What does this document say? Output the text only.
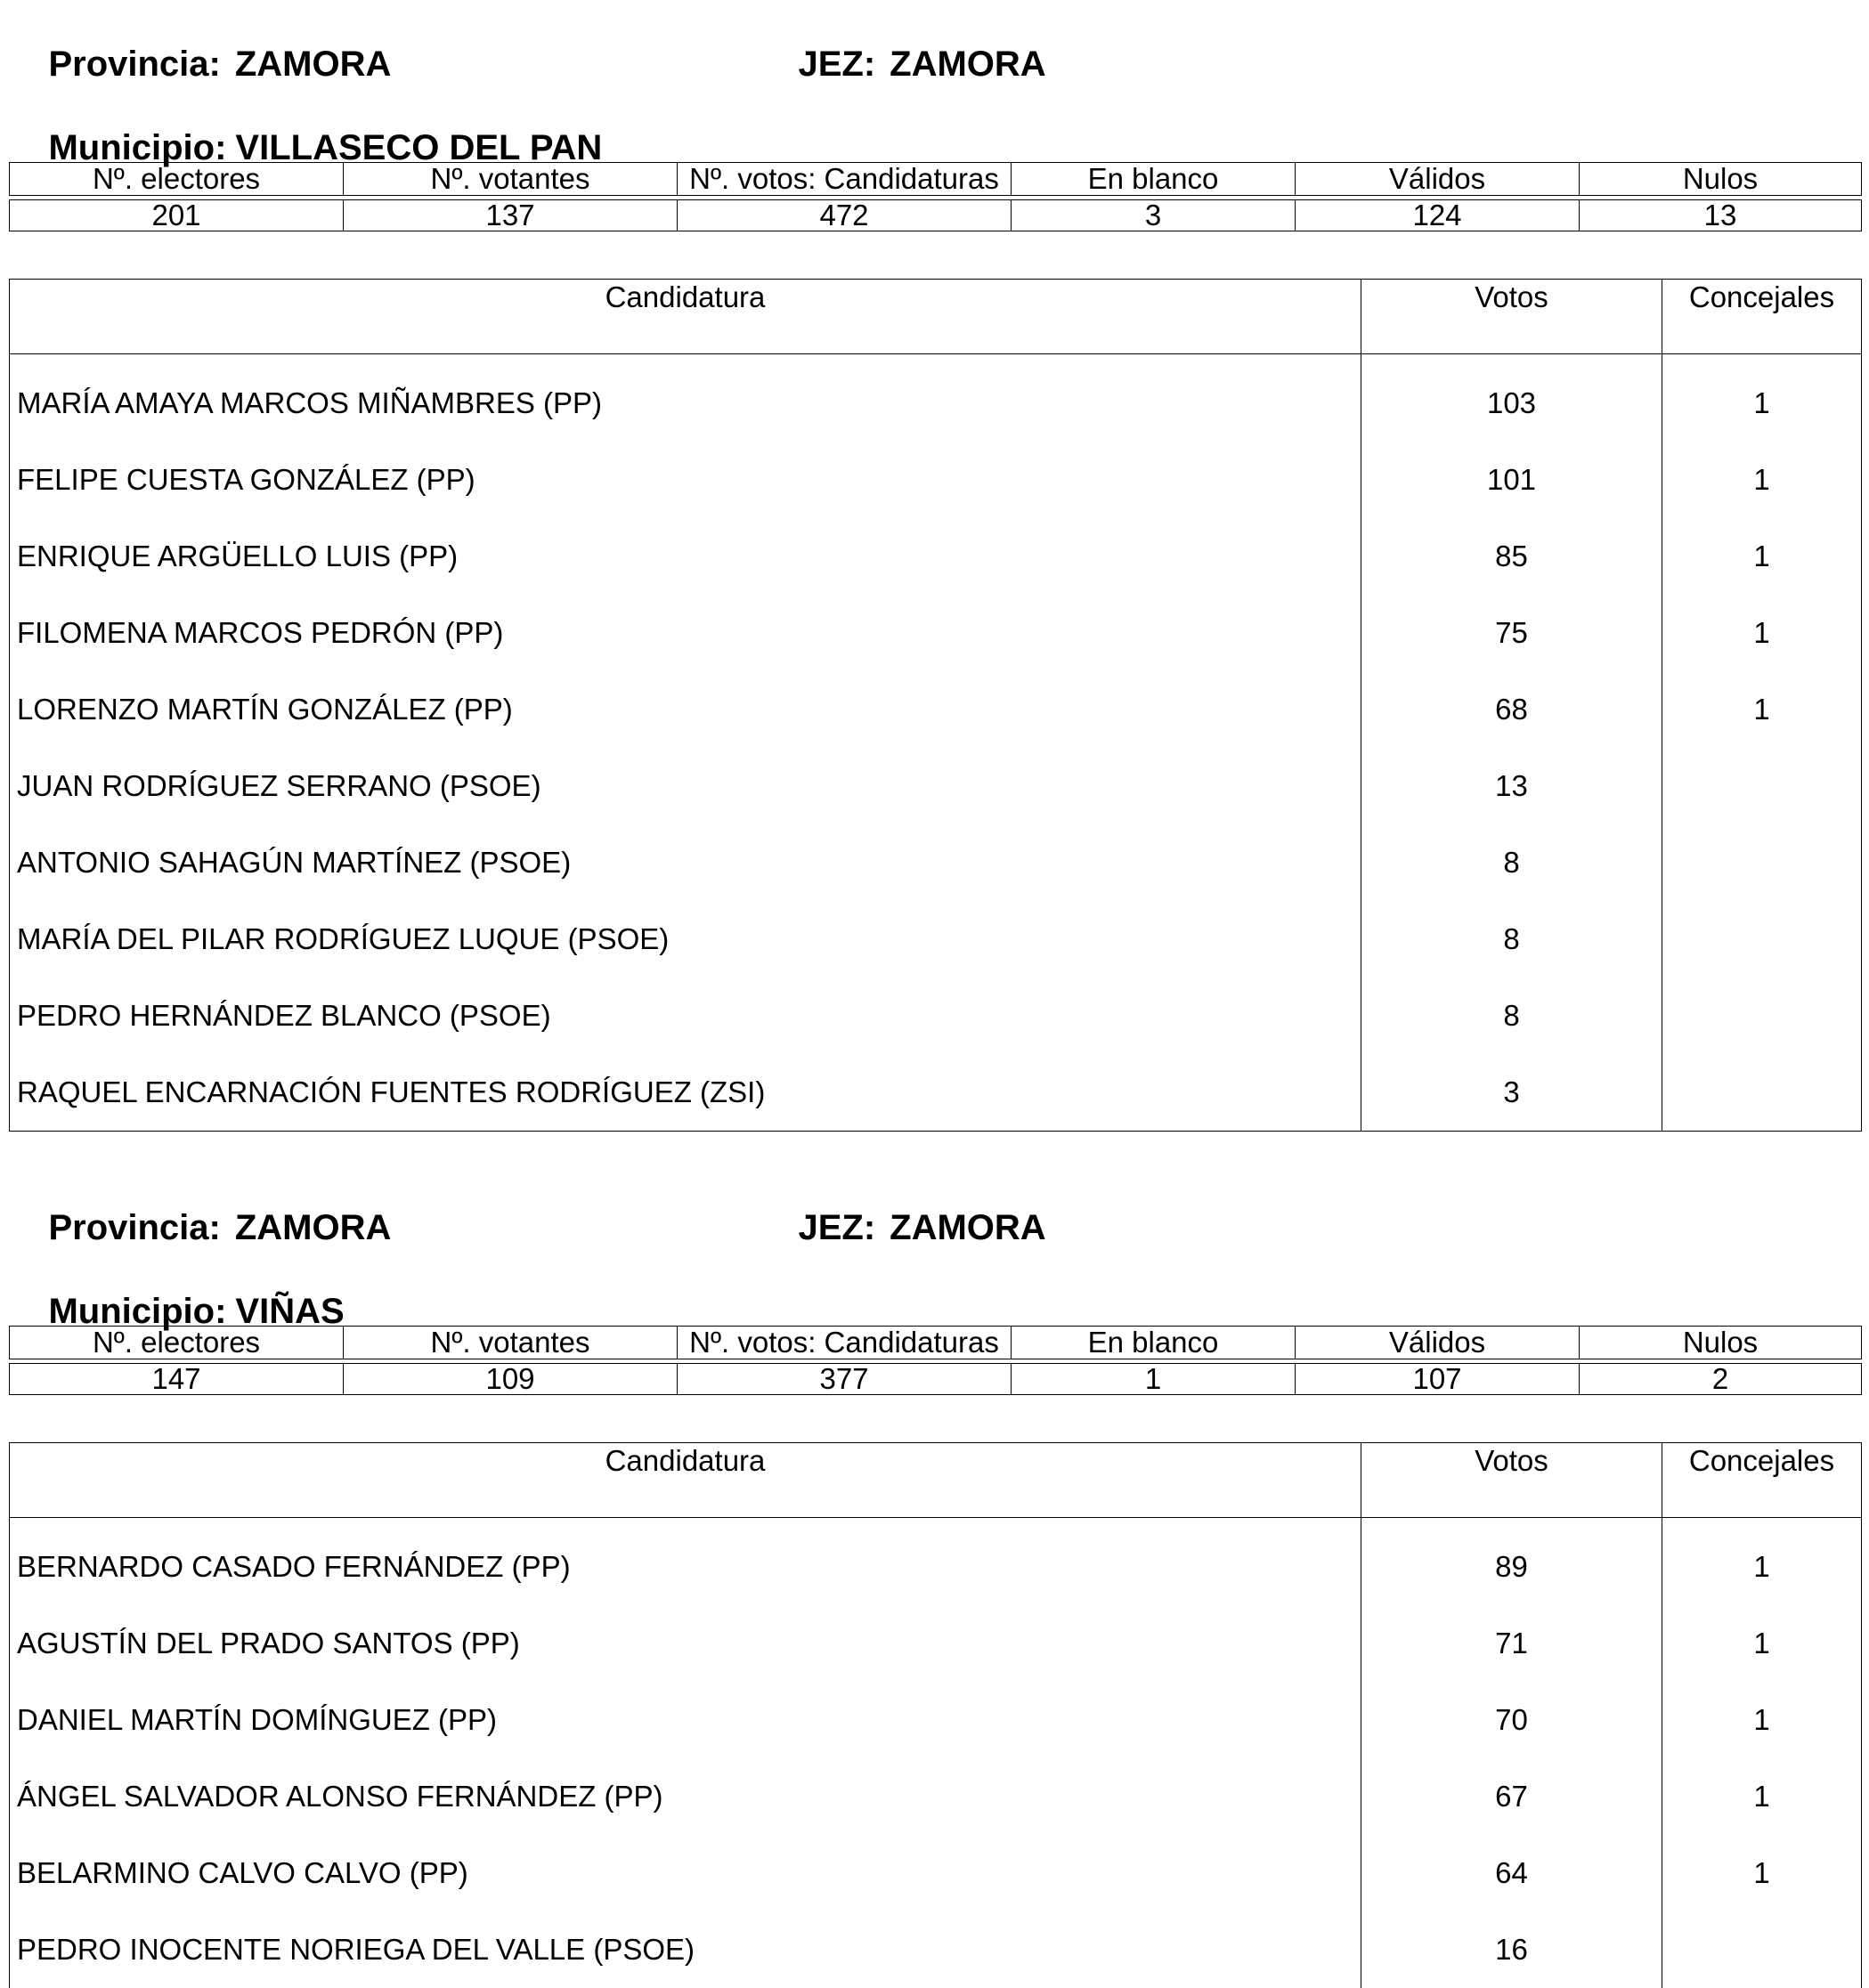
Provincia: ZAMORA
	JEZ: ZAMORA

Municipio: VILLASECO DEL PAN

Nº. electores	Nº. votantes	Nº. votos: Candidaturas	En blanco	Válidos	Nulos

201	137	472	3	124	13
Candidatura	Votos	Concejales
MARÍA AMAYA MARCOS MIÑAMBRES (PP)	103	1
FELIPE CUESTA GONZÁLEZ (PP)	101	1
ENRIQUE ARGÜELLO LUIS (PP)	85	1
FILOMENA MARCOS PEDRÓN (PP)	75	1
LORENZO MARTÍN GONZÁLEZ (PP)	68	1
JUAN RODRÍGUEZ SERRANO (PSOE)	13	
ANTONIO SAHAGÚN MARTÍNEZ (PSOE)	8	
MARÍA DEL PILAR RODRÍGUEZ LUQUE (PSOE)	8	
PEDRO HERNÁNDEZ BLANCO (PSOE)	8	
RAQUEL ENCARNACIÓN FUENTES RODRÍGUEZ (ZSI)	3	

Provincia: ZAMORA
	JEZ: ZAMORA

Municipio: VIÑAS

Nº. electores	Nº. votantes	Nº. votos: Candidaturas	En blanco	Válidos	Nulos

147	109	377	1	107	2
Candidatura	Votos	Concejales
BERNARDO CASADO FERNÁNDEZ (PP)	89	1
AGUSTÍN DEL PRADO SANTOS (PP)	71	1
DANIEL MARTÍN DOMÍNGUEZ (PP)	70	1
ÁNGEL SALVADOR ALONSO FERNÁNDEZ (PP)	67	1
BELARMINO CALVO CALVO (PP)	64	1
PEDRO INOCENTE NORIEGA DEL VALLE (PSOE)	16	
